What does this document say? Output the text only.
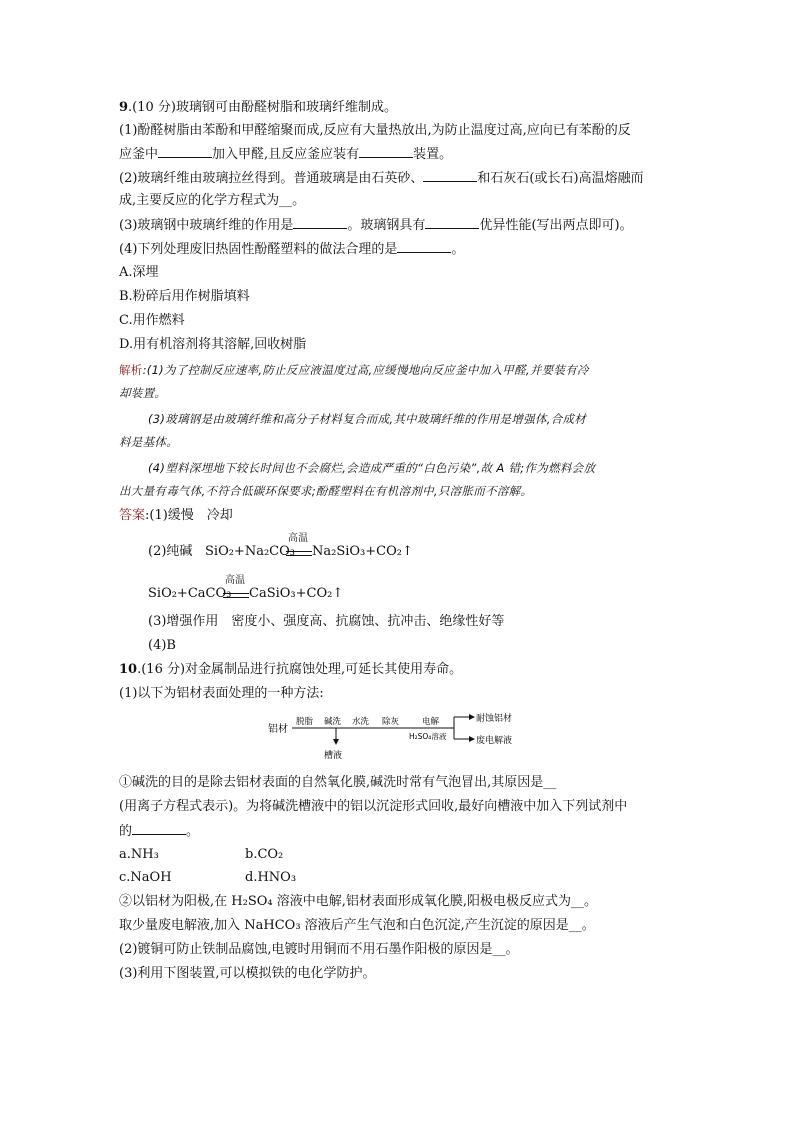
9.(10 分)玻璃钢可由酚醛树脂和玻璃纤维制成。
(1)酚醛树脂由苯酚和甲醛缩聚而成,反应有大量热放出,为防止温度过高,应向已有苯酚的反
应釜中	加入甲醛,且反应釜应装有	装置。
(2)玻璃纤维由玻璃拉丝得到。普通玻璃是由石英砂、	和石灰石(或长石)高温熔融而
成,主要反应的化学方程式为__。
(3)玻璃钢中玻璃纤维的作用是	。玻璃钢具有	优异性能(写出两点即可)。
(4)下列处理废旧热固性酚醛塑料的做法合理的是	。
A.深埋
B.粉碎后用作树脂填料
C.用作燃料
D.用有机溶剂将其溶解,回收树脂
解析:(1)为了控制反应速率,防止反应液温度过高,应缓慢地向反应釜中加入甲醛,并要装有冷
却装置。
(3)玻璃钢是由玻璃纤维和高分子材料复合而成,其中玻璃纤维的作用是增强体,合成材
料是基体。
(4)塑料深埋地下较长时间也不会腐烂,会造成严重的“白色污染”,故 A 错;作为燃料会放
出大量有毒气体,不符合低碳环保要求;酚醛塑料在有机溶剂中,只溶胀而不溶解。
答案:(1)缓慢　冷却
(2)纯碱 SiO₂+Na₂CO₃
高温
Na₂SiO₃+CO₂↑
SiO₂+CaCO₃
高温
CaSiO₃+CO₂↑
(3)增强作用　密度小、强度高、抗腐蚀、抗冲击、绝缘性好等
(4)B
10.(16 分)对金属制品进行抗腐蚀处理,可延长其使用寿命。
(1)以下为铝材表面处理的一种方法:
铝材
脱脂 碱洗
槽液
水洗 除灰	电解
H₂SO₄溶液
耐蚀铝材
废电解液
①碱洗的目的是除去铝材表面的自然氧化膜,碱洗时常有气泡冒出,其原因是__
(用离子方程式表示)。为将碱洗槽液中的铝以沉淀形式回收,最好向槽液中加入下列试剂中
的	。
a.NH₃	b.CO₂
c.NaOH	d.HNO₃
②以铝材为阳极,在 H₂SO₄ 溶液中电解,铝材表面形成氧化膜,阳极电极反应式为__。
取少量废电解液,加入 NaHCO₃ 溶液后产生气泡和白色沉淀,产生沉淀的原因是__。
(2)镀铜可防止铁制品腐蚀,电镀时用铜而不用石墨作阳极的原因是__。
(3)利用下图装置,可以模拟铁的电化学防护。
